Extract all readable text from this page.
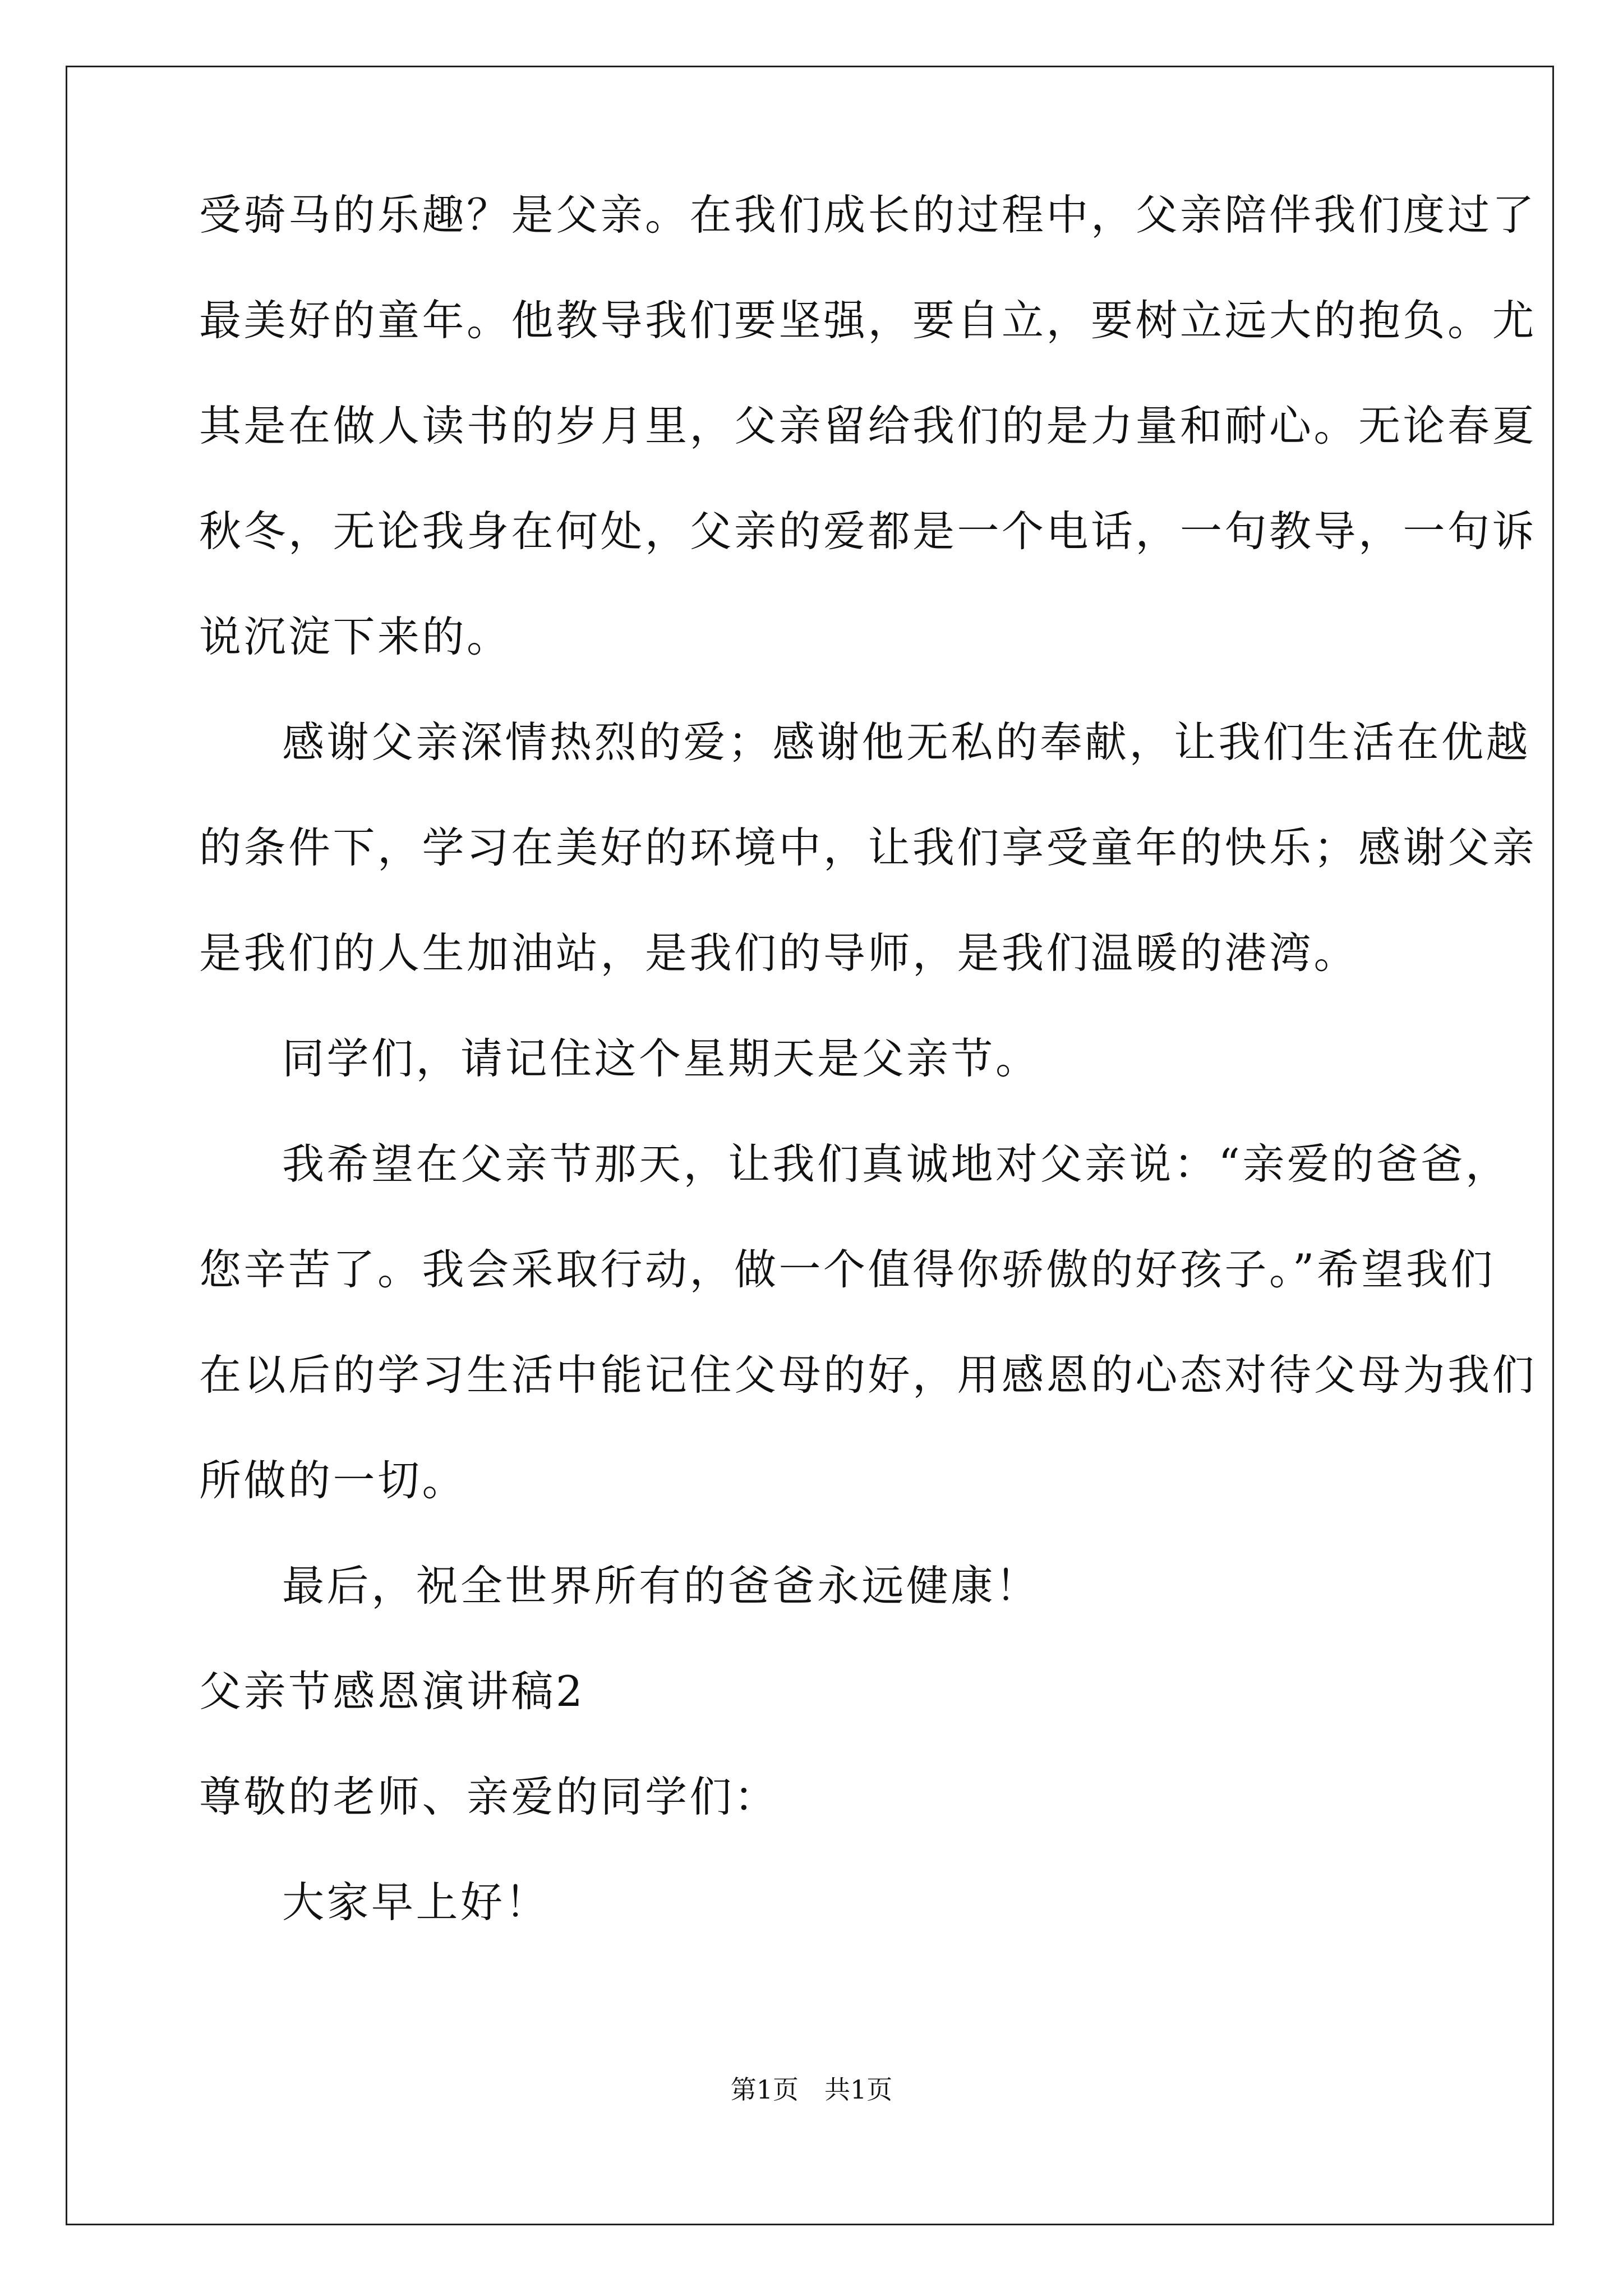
受骑马的乐趣？是父亲。在我们成长的过程中，父亲陪伴我们度过了
最美好的童年。他教导我们要坚强，要自立，要树立远大的抱负。尤
其是在做人读书的岁月里，父亲留给我们的是力量和耐心。无论春夏
秋冬，无论我身在何处，父亲的爱都是一个电话，一句教导，一句诉
说沉淀下来的。
感谢父亲深情热烈的爱；感谢他无私的奉献，让我们生活在优越
的条件下，学习在美好的环境中，让我们享受童年的快乐；感谢父亲
是我们的人生加油站，是我们的导师，是我们温暖的港湾。
同学们，请记住这个星期天是父亲节。
我希望在父亲节那天，让我们真诚地对父亲说：“亲爱的爸爸，
您辛苦了。我会采取行动，做一个值得你骄傲的好孩子。”希望我们
在以后的学习生活中能记住父母的好，用感恩的心态对待父母为我们
所做的一切。
最后，祝全世界所有的爸爸永远健康！
父亲节感恩演讲稿2
尊敬的老师、亲爱的同学们：
大家早上好！
第1页　共1页
